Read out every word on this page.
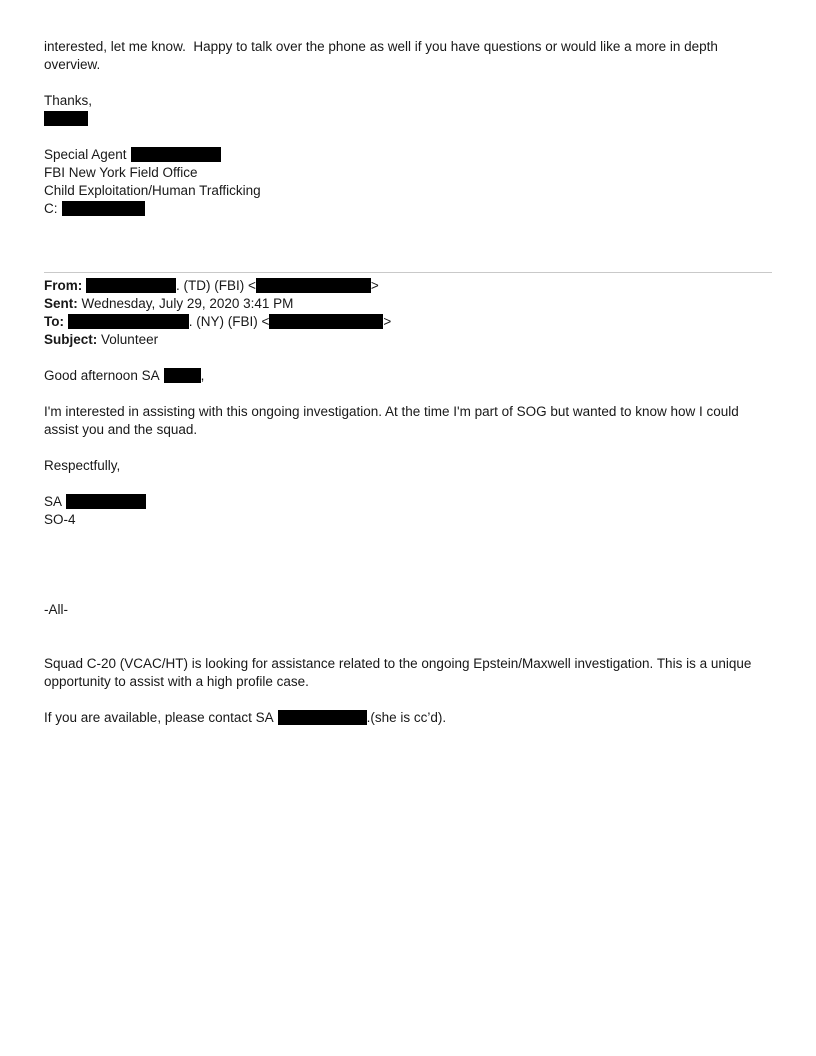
interested, let me know.  Happy to talk over the phone as well if you have questions or would like a more in depth overview.
Thanks,
Special Agent
FBI New York Field Office
Child Exploitation/Human Trafficking
C:
From:	. (TD) (FBI) <	>
Sent: Wednesday, July 29, 2020 3:41 PM
To:	. (NY) (FBI) <	>
Subject: Volunteer
Good afternoon SA	,
I'm interested in assisting with this ongoing investigation. At the time I'm part of SOG but wanted to know how I could assist you and the squad.
Respectfully,
SA
SO-4
-All-
Squad C-20 (VCAC/HT) is looking for assistance related to the ongoing Epstein/Maxwell investigation. This is a unique opportunity to assist with a high profile case.
If you are available, please contact SA	.(she is cc’d).
